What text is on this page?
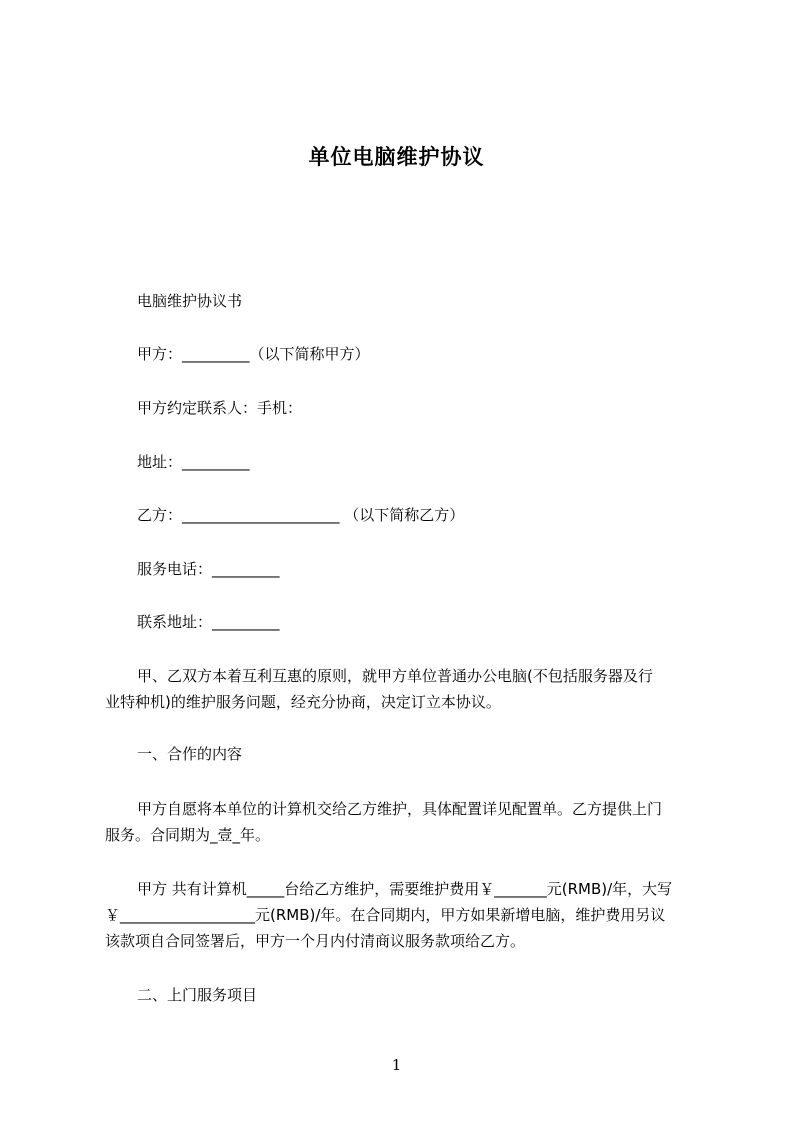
单位电脑维护协议
电脑维护协议书
甲方：_________（以下简称甲方）
甲方约定联系人：手机：
地址：_________
乙方：_____________________ （以下简称乙方）
服务电话：_________
联系地址：_________
甲、乙双方本着互利互惠的原则，就甲方单位普通办公电脑(不包括服务器及行
业特种机)的维护服务问题，经充分协商，决定订立本协议。
一、合作的内容
甲方自愿将本单位的计算机交给乙方维护，具体配置详见配置单。乙方提供上门
服务。合同期为_壹_年。
甲方 共有计算机_____台给乙方维护，需要维护费用￥_______元(RMB)/年，大写
￥__________________元(RMB)/年。在合同期内，甲方如果新增电脑，维护费用另议
该款项自合同签署后，甲方一个月内付清商议服务款项给乙方。
二、上门服务项目
1
